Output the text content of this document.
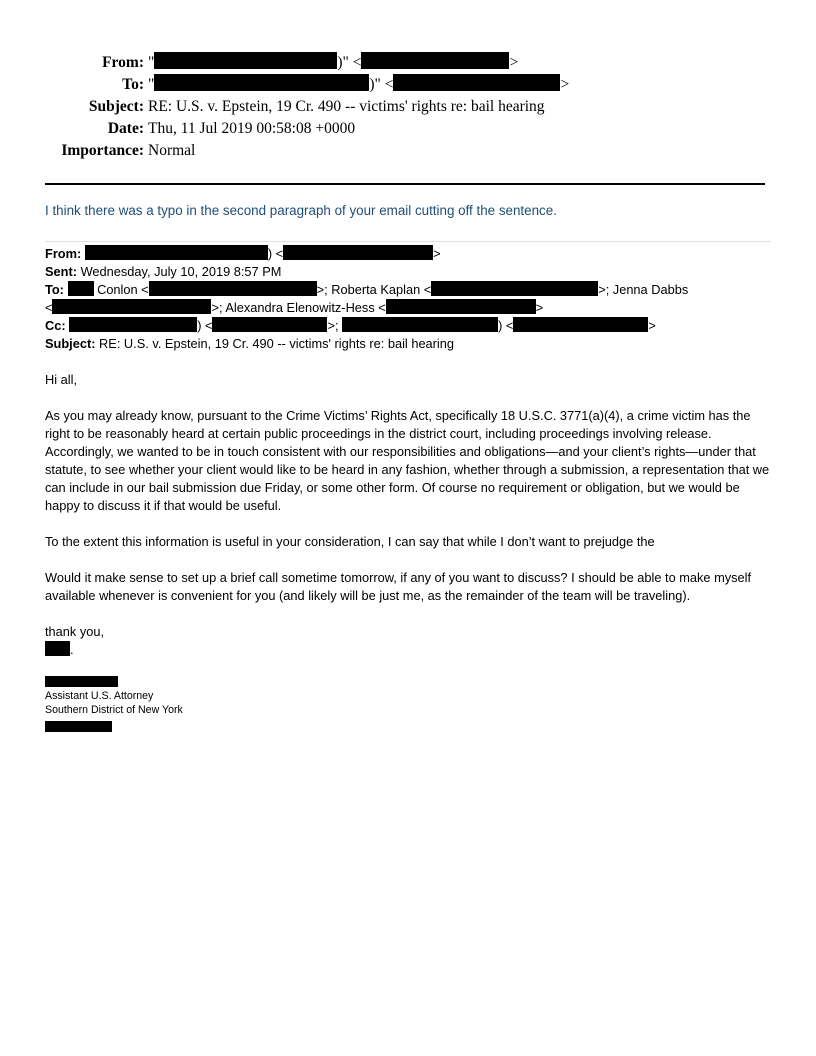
From: "	)" <	>
To: "	)" <	>
Subject: RE: U.S. v. Epstein, 19 Cr. 490 -- victims' rights re: bail hearing
Date: Thu, 11 Jul 2019 00:58:08 +0000
Importance: Normal
I think there was a typo in the second paragraph of your email cutting off the sentence.
From:	) <	>
Sent: Wednesday, July 10, 2019 8:57 PM
To:	Conlon <	>; Roberta Kaplan <	>; Jenna Dabbs
<	>; Alexandra Elenowitz-Hess <	>
Cc:	) <	>;	) <	>
Subject: RE: U.S. v. Epstein, 19 Cr. 490 -- victims' rights re: bail hearing
Hi all,
As you may already know, pursuant to the Crime Victims’ Rights Act, specifically 18 U.S.C. 3771(a)(4), a crime victim has the right to be reasonably heard at certain public proceedings in the district court, including proceedings involving release. Accordingly, we wanted to be in touch consistent with our responsibilities and obligations—and your client’s rights—under that statute, to see whether your client would like to be heard in any fashion, whether through a submission, a representation that we can include in our bail submission due Friday, or some other form. Of course no requirement or obligation, but we would be happy to discuss it if that would be useful.
To the extent this information is useful in your consideration, I can say that while I don’t want to prejudge the
Would it make sense to set up a brief call sometime tomorrow, if any of you want to discuss? I should be able to make myself available whenever is convenient for you (and likely will be just me, as the remainder of the team will be traveling).
thank you,
.
Assistant U.S. Attorney
Southern District of New York
